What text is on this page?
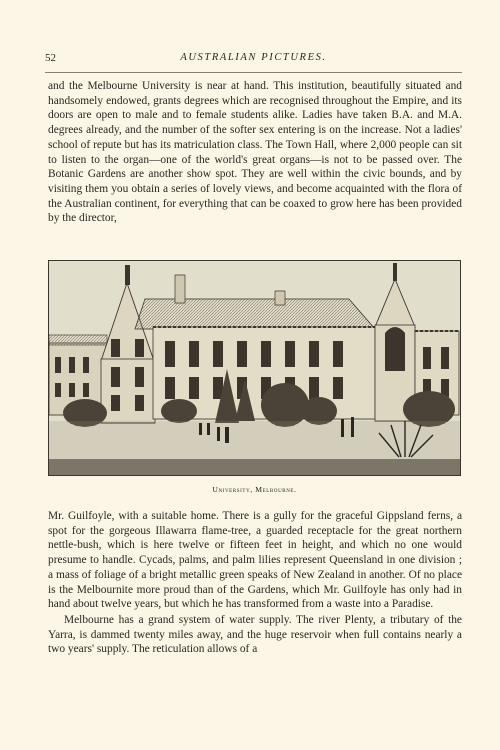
52	AUSTRALIAN PICTURES.

and the Melbourne University is near at hand. This institution, beautifully situated and handsomely endowed, grants degrees which are recognised throughout the Empire, and its doors are open to male and to female students alike. Ladies have taken B.A. and M.A. degrees already, and the number of the softer sex entering is on the increase. Not a ladies' school of repute but has its matriculation class. The Town Hall, where 2,000 people can sit to listen to the organ—one of the world's great organs—is not to be passed over. The Botanic Gardens are another show spot. They are well within the civic bounds, and by visiting them you obtain a series of lovely views, and become acquainted with the flora of the Australian continent, for everything that can be coaxed to grow here has been provided by the director,

University, Melbourne.

Mr. Guilfoyle, with a suitable home. There is a gully for the graceful Gippsland ferns, a spot for the gorgeous Illawarra flame-tree, a guarded receptacle for the great northern nettle-bush, which is here twelve or fifteen feet in height, and which no one would presume to handle. Cycads, palms, and palm lilies represent Queensland in one division ; a mass of foliage of a bright metallic green speaks of New Zealand in another. Of no place is the Melbournite more proud than of the Gardens, which Mr. Guilfoyle has only had in hand about twelve years, but which he has transformed from a waste into a Paradise.

Melbourne has a grand system of water supply. The river Plenty, a tributary of the Yarra, is dammed twenty miles away, and the huge reservoir when full contains nearly a two years' supply. The reticulation allows of a
